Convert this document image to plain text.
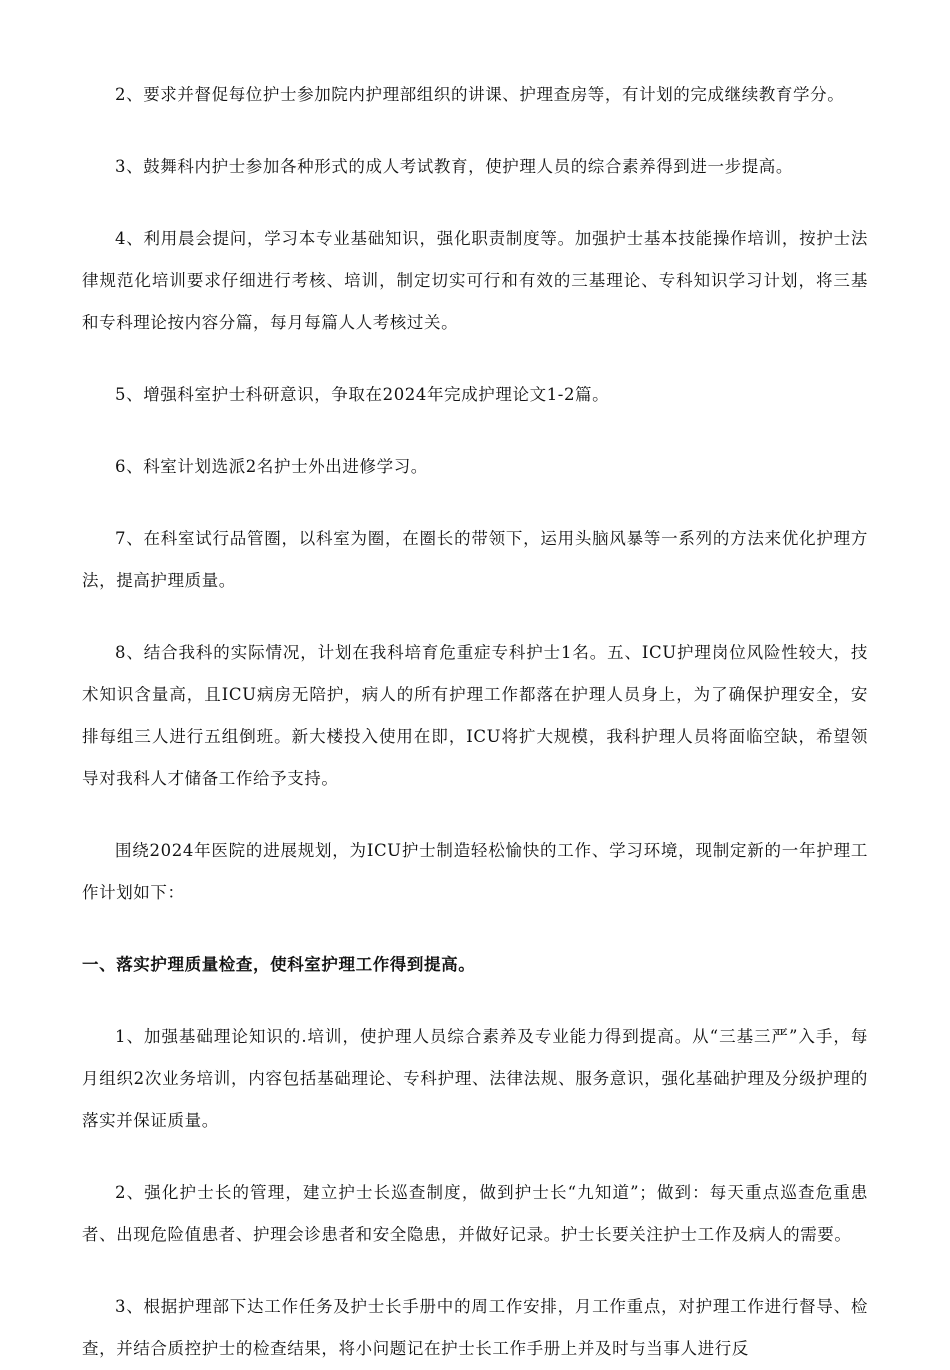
2、要求并督促每位护士参加院内护理部组织的讲课、护理查房等，有计划的完成继续教育学分。

3、鼓舞科内护士参加各种形式的成人考试教育，使护理人员的综合素养得到进一步提高。

4、利用晨会提问，学习本专业基础知识，强化职责制度等。加强护士基本技能操作培训，按护士法律规范化培训要求仔细进行考核、培训，制定切实可行和有效的三基理论、专科知识学习计划，将三基和专科理论按内容分篇，每月每篇人人考核过关。

5、增强科室护士科研意识，争取在2024年完成护理论文1-2篇。

6、科室计划选派2名护士外出进修学习。

7、在科室试行品管圈，以科室为圈，在圈长的带领下，运用头脑风暴等一系列的方法来优化护理方法，提高护理质量。

8、结合我科的实际情况，计划在我科培育危重症专科护士1名。五、ICU护理岗位风险性较大，技术知识含量高，且ICU病房无陪护，病人的所有护理工作都落在护理人员身上，为了确保护理安全，安排每组三人进行五组倒班。新大楼投入使用在即，ICU将扩大规模，我科护理人员将面临空缺，希望领导对我科人才储备工作给予支持。

围绕2024年医院的进展规划，为ICU护士制造轻松愉快的工作、学习环境，现制定新的一年护理工作计划如下：

一、落实护理质量检查，使科室护理工作得到提高。

1、加强基础理论知识的.培训，使护理人员综合素养及专业能力得到提高。从“三基三严”入手，每月组织2次业务培训，内容包括基础理论、专科护理、法律法规、服务意识，强化基础护理及分级护理的落实并保证质量。

2、强化护士长的管理，建立护士长巡查制度，做到护士长“九知道”；做到：每天重点巡查危重患者、出现危险值患者、护理会诊患者和安全隐患，并做好记录。护士长要关注护士工作及病人的需要。

3、根据护理部下达工作任务及护士长手册中的周工作安排，月工作重点，对护理工作进行督导、检查，并结合质控护士的检查结果，将小问题记在护士长工作手册上并及时与当事人进行反
